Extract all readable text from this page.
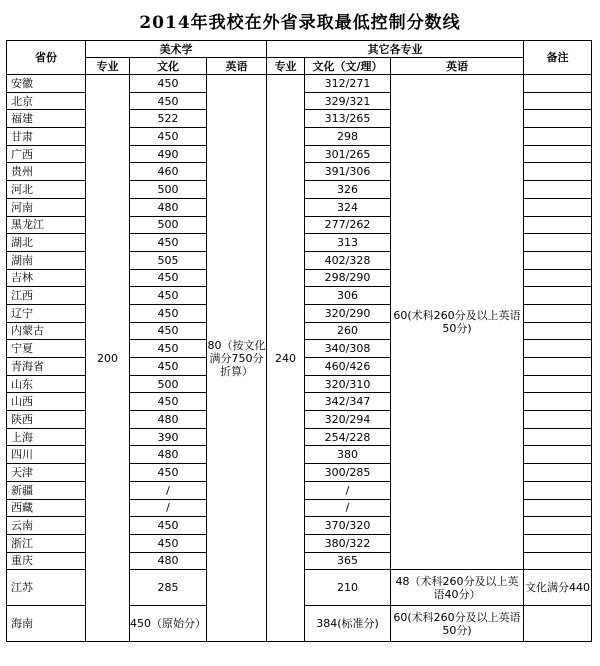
2014年我校在外省录取最低控制分数线
省份	美术学			其它各专业			备注
	专业	文化	英语	专业	文化（文/理）	英语	
安徽	200	450	80（按文化满分750分折算）	240	312/271	60(术科260分及以上英语50分)	
北京		450			329/321		
福建		522			313/265		
甘肃		450			298		
广西		490			301/265		
贵州		460			391/306		
河北		500			326		
河南		480			324		
黑龙江		500			277/262		
湖北		450			313		
湖南		505			402/328		
吉林		450			298/290		
江西		450			306		
辽宁		450			320/290		
内蒙古		450			260		
宁夏		450			340/308		
青海省		450			460/426		
山东		500			320/310		
山西		450			342/347		
陕西		480			320/294		
上海		390			254/228		
四川		480			380		
天津		450			300/285		
新疆		/			/		
西藏		/			/		
云南		450			370/320		
浙江		450			380/322		
重庆		480			365		
江苏		285			210	48（术科260分及以上英语40分）	文化满分440
海南		450（原始分）			384(标准分)	60(术科260分及以上英语50分)	
